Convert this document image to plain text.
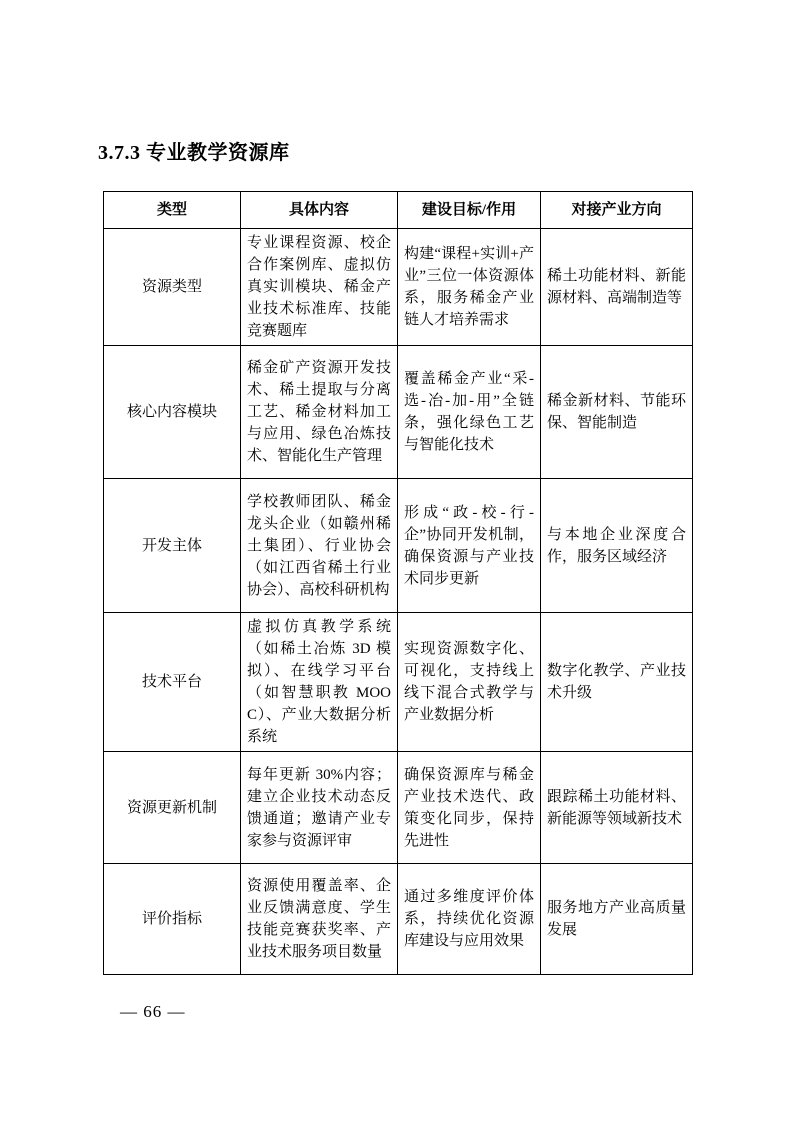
3.7.3 专业教学资源库
类型	具体内容	建设目标/作用	对接产业方向
资源类型	专业课程资源、校企合作案例库、虚拟仿真实训模块、稀金产业技术标准库、技能竞赛题库	构建“课程+实训+产业”三位一体资源体系，服务稀金产业链人才培养需求	稀土功能材料、新能源材料、高端制造等
核心内容模块	稀金矿产资源开发技术、稀土提取与分离工艺、稀金材料加工与应用、绿色冶炼技术、智能化生产管理	覆盖稀金产业“采-选-冶-加-用”全链条，强化绿色工艺与智能化技术	稀金新材料、节能环保、智能制造
开发主体	学校教师团队、稀金龙头企业（如赣州稀土集团）、行业协会（如江西省稀土行业协会）、高校科研机构	形成“政-校-行-企”协同开发机制，确保资源与产业技术同步更新	与本地企业深度合作，服务区域经济
技术平台	虚拟仿真教学系统（如稀土冶炼 3D 模拟）、在线学习平台（如智慧职教 MOOC）、产业大数据分析系统	实现资源数字化、可视化，支持线上线下混合式教学与产业数据分析	数字化教学、产业技术升级
资源更新机制	每年更新 30%内容；建立企业技术动态反馈通道；邀请产业专家参与资源评审	确保资源库与稀金产业技术迭代、政策变化同步，保持先进性	跟踪稀土功能材料、新能源等领域新技术
评价指标	资源使用覆盖率、企业反馈满意度、学生技能竞赛获奖率、产业技术服务项目数量	通过多维度评价体系，持续优化资源库建设与应用效果	服务地方产业高质量发展
— 66 —
